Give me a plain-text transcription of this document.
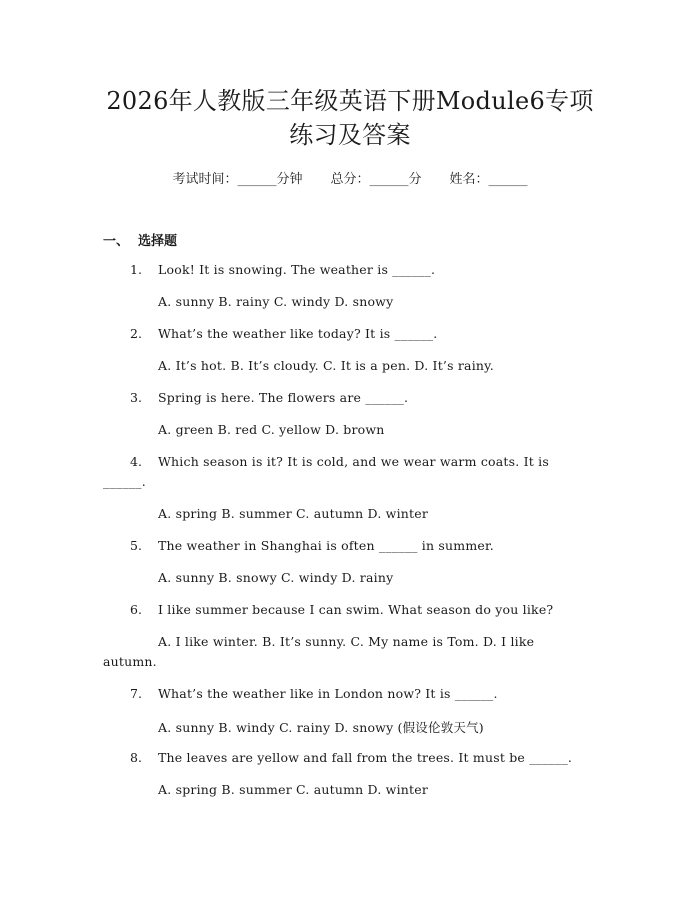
2026年人教版三年级英语下册Module6专项
练习及答案
考试时间：______分钟 总分：______分 姓名：______
一、 选择题
1. Look! It is snowing. The weather is ______.
A. sunny B. rainy C. windy D. snowy
2. What’s the weather like today? It is ______.
A. It’s hot. B. It’s cloudy. C. It is a pen. D. It’s rainy.
3. Spring is here. The flowers are ______.
A. green B. red C. yellow D. brown
4. Which season is it? It is cold, and we wear warm coats. It is
______.
A. spring B. summer C. autumn D. winter
5. The weather in Shanghai is often ______ in summer.
A. sunny B. snowy C. windy D. rainy
6. I like summer because I can swim. What season do you like?
A. I like winter. B. It’s sunny. C. My name is Tom. D. I like
autumn.
7. What’s the weather like in London now? It is ______.
A. sunny B. windy C. rainy D. snowy (假设伦敦天气)
8. The leaves are yellow and fall from the trees. It must be ______.
A. spring B. summer C. autumn D. winter
